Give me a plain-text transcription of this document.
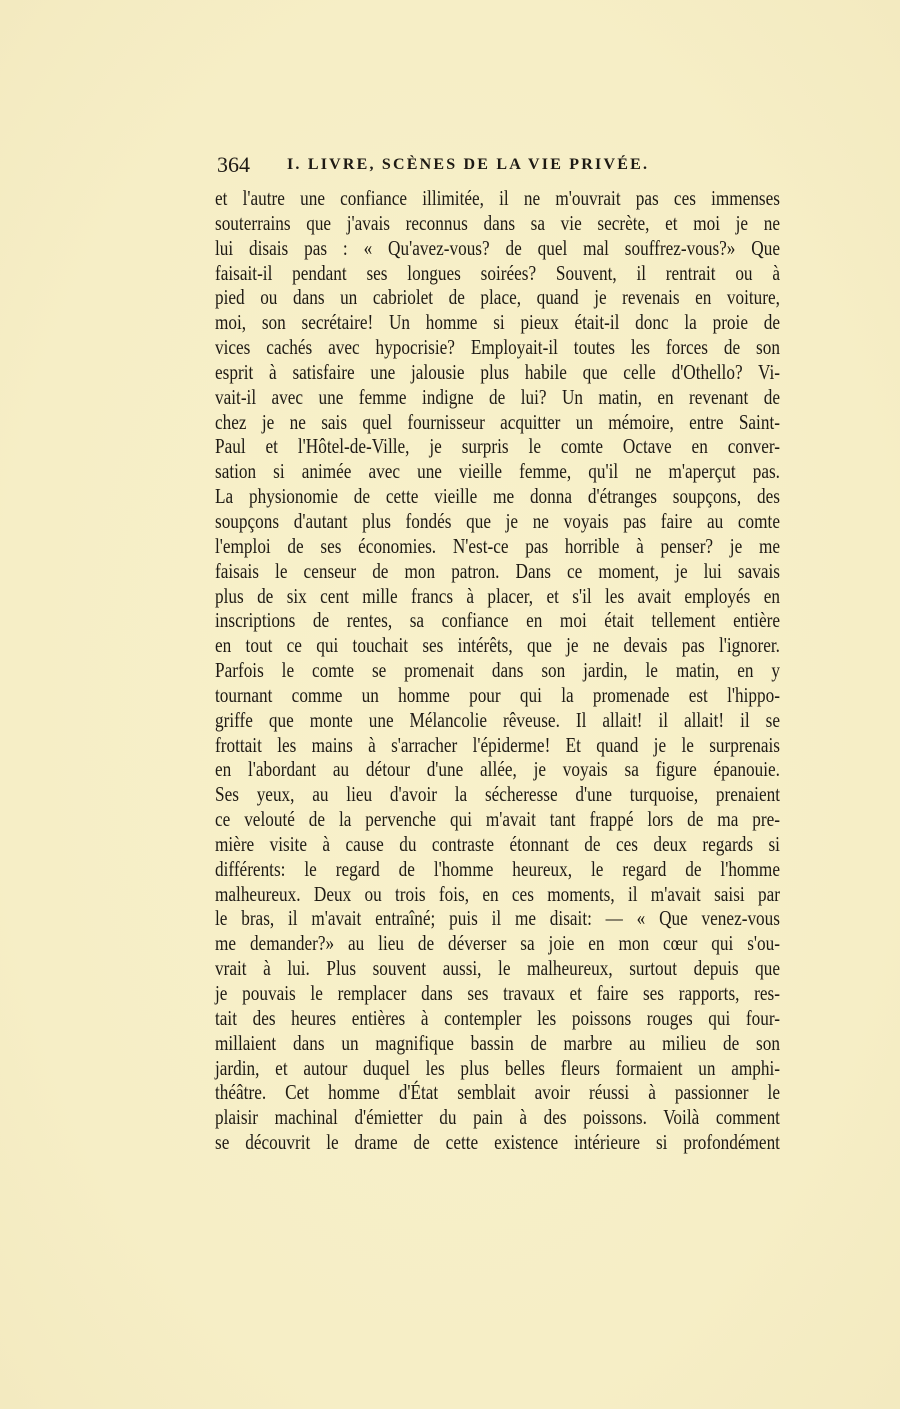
364 I. LIVRE, SCÈNES DE LA VIE PRIVÉE.
et l'autre une confiance illimitée, il ne m'ouvrait pas ces immenses
souterrains que j'avais reconnus dans sa vie secrète, et moi je ne
lui disais pas : « Qu'avez-vous? de quel mal souffrez-vous?» Que
faisait-il pendant ses longues soirées? Souvent, il rentrait ou à
pied ou dans un cabriolet de place, quand je revenais en voiture,
moi, son secrétaire! Un homme si pieux était-il donc la proie de
vices cachés avec hypocrisie? Employait-il toutes les forces de son
esprit à satisfaire une jalousie plus habile que celle d'Othello? Vi-
vait-il avec une femme indigne de lui? Un matin, en revenant de
chez je ne sais quel fournisseur acquitter un mémoire, entre Saint-
Paul et l'Hôtel-de-Ville, je surpris le comte Octave en conver-
sation si animée avec une vieille femme, qu'il ne m'aperçut pas.
La physionomie de cette vieille me donna d'étranges soupçons, des
soupçons d'autant plus fondés que je ne voyais pas faire au comte
l'emploi de ses économies. N'est-ce pas horrible à penser? je me
faisais le censeur de mon patron. Dans ce moment, je lui savais
plus de six cent mille francs à placer, et s'il les avait employés en
inscriptions de rentes, sa confiance en moi était tellement entière
en tout ce qui touchait ses intérêts, que je ne devais pas l'ignorer.
Parfois le comte se promenait dans son jardin, le matin, en y
tournant comme un homme pour qui la promenade est l'hippo-
griffe que monte une Mélancolie rêveuse. Il allait! il allait! il se
frottait les mains à s'arracher l'épiderme! Et quand je le surprenais
en l'abordant au détour d'une allée, je voyais sa figure épanouie.
Ses yeux, au lieu d'avoir la sécheresse d'une turquoise, prenaient
ce velouté de la pervenche qui m'avait tant frappé lors de ma pre-
mière visite à cause du contraste étonnant de ces deux regards si
différents: le regard de l'homme heureux, le regard de l'homme
malheureux. Deux ou trois fois, en ces moments, il m'avait saisi par
le bras, il m'avait entraîné; puis il me disait: — « Que venez-vous
me demander?» au lieu de déverser sa joie en mon cœur qui s'ou-
vrait à lui. Plus souvent aussi, le malheureux, surtout depuis que
je pouvais le remplacer dans ses travaux et faire ses rapports, res-
tait des heures entières à contempler les poissons rouges qui four-
millaient dans un magnifique bassin de marbre au milieu de son
jardin, et autour duquel les plus belles fleurs formaient un amphi-
théâtre. Cet homme d'État semblait avoir réussi à passionner le
plaisir machinal d'émietter du pain à des poissons. Voilà comment
se découvrit le drame de cette existence intérieure si profondément
